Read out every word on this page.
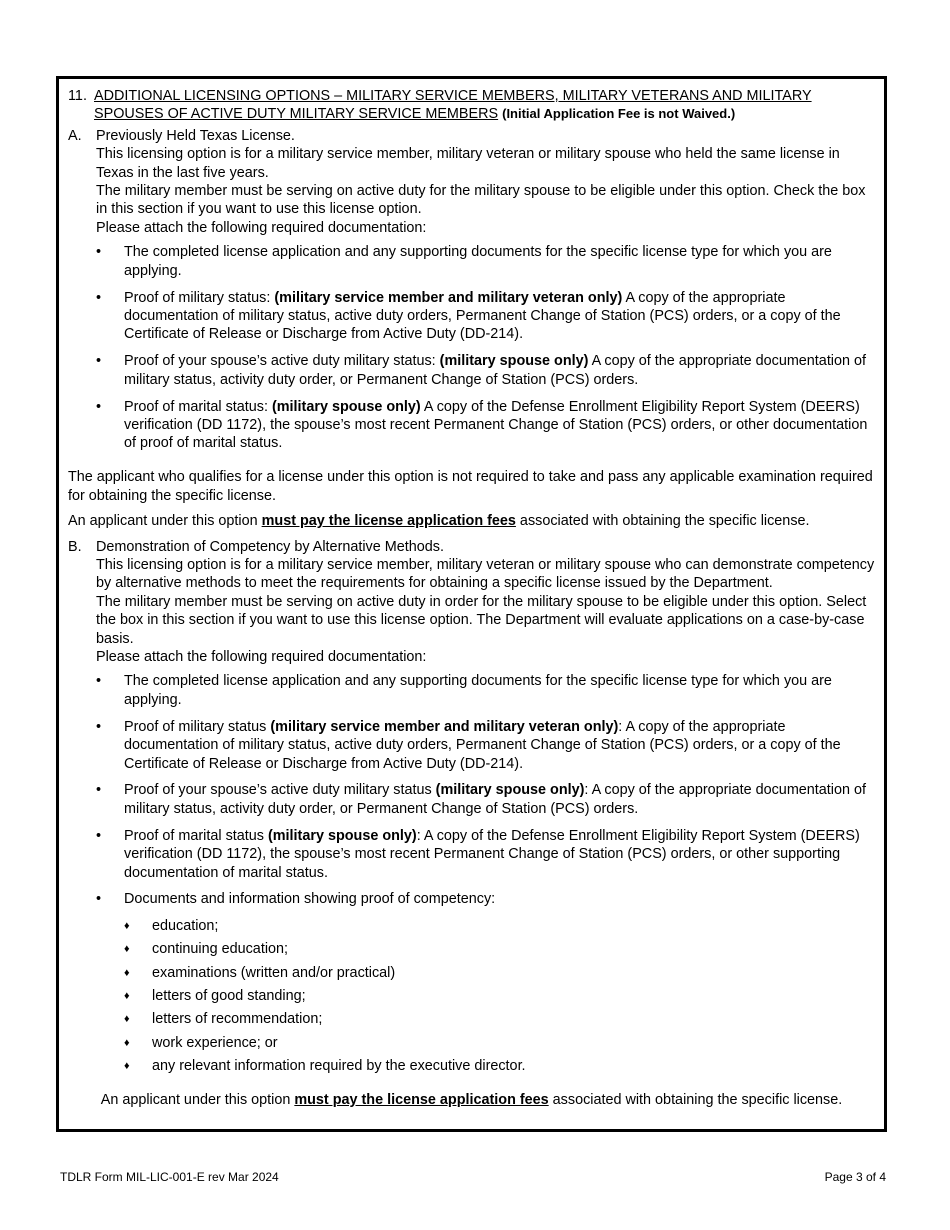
11. ADDITIONAL LICENSING OPTIONS – MILITARY SERVICE MEMBERS, MILITARY VETERANS AND MILITARY
SPOUSES OF ACTIVE DUTY MILITARY SERVICE MEMBERS (Initial Application Fee is not Waived.)
A. Previously Held Texas License.
This licensing option is for a military service member, military veteran or military spouse who held the same license in Texas in the last five years.
The military member must be serving on active duty for the military spouse to be eligible under this option. Check the box in this section if you want to use this license option.
Please attach the following required documentation:
•	The completed license application and any supporting documents for the specific license type for which you are applying.
•	Proof of military status: (military service member and military veteran only) A copy of the appropriate documentation of military status, active duty orders, Permanent Change of Station (PCS) orders, or a copy of the Certificate of Release or Discharge from Active Duty (DD-214).
•	Proof of your spouse’s active duty military status: (military spouse only) A copy of the appropriate documentation of military status, activity duty order, or Permanent Change of Station (PCS) orders.
•	Proof of marital status: (military spouse only) A copy of the Defense Enrollment Eligibility Report System (DEERS) verification (DD 1172), the spouse’s most recent Permanent Change of Station (PCS) orders, or other documentation of proof of marital status.
The applicant who qualifies for a license under this option is not required to take and pass any applicable examination required for obtaining the specific license.
An applicant under this option must pay the license application fees associated with obtaining the specific license.
B. Demonstration of Competency by Alternative Methods.
This licensing option is for a military service member, military veteran or military spouse who can demonstrate competency by alternative methods to meet the requirements for obtaining a specific license issued by the Department.
The military member must be serving on active duty in order for the military spouse to be eligible under this option. Select the box in this section if you want to use this license option. The Department will evaluate applications on a case-by-case basis.
Please attach the following required documentation:
•	The completed license application and any supporting documents for the specific license type for which you are applying.
•	Proof of military status (military service member and military veteran only): A copy of the appropriate documentation of military status, active duty orders, Permanent Change of Station (PCS) orders, or a copy of the Certificate of Release or Discharge from Active Duty (DD-214).
•	Proof of your spouse’s active duty military status (military spouse only): A copy of the appropriate documentation of military status, activity duty order, or Permanent Change of Station (PCS) orders.
•	Proof of marital status (military spouse only): A copy of the Defense Enrollment Eligibility Report System (DEERS) verification (DD 1172), the spouse’s most recent Permanent Change of Station (PCS) orders, or other supporting documentation of marital status.
•	Documents and information showing proof of competency:
♦	education;
♦	continuing education;
♦	examinations (written and/or practical)
♦	letters of good standing;
♦	letters of recommendation;
♦	work experience; or
♦	any relevant information required by the executive director.
An applicant under this option must pay the license application fees associated with obtaining the specific license.
TDLR Form MIL-LIC-001-E rev Mar 2024	Page 3 of 4
